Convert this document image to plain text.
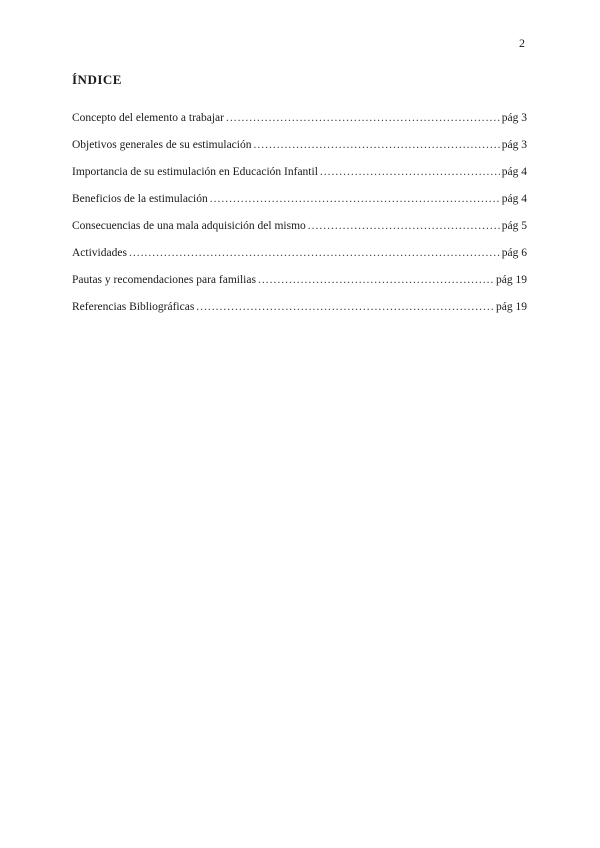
2
ÍNDICE
Concepto del elemento a trabajar .....	pág 3
Objetivos generales de su estimulación .....	pág 3
Importancia de su estimulación en Educación Infantil .....	pág 4
Beneficios de la estimulación .....	pág 4
Consecuencias de una mala adquisición del mismo .....	pág 5
Actividades .....	pág 6
Pautas y recomendaciones para familias .....	pág 19
Referencias Bibliográficas .....	pág 19
